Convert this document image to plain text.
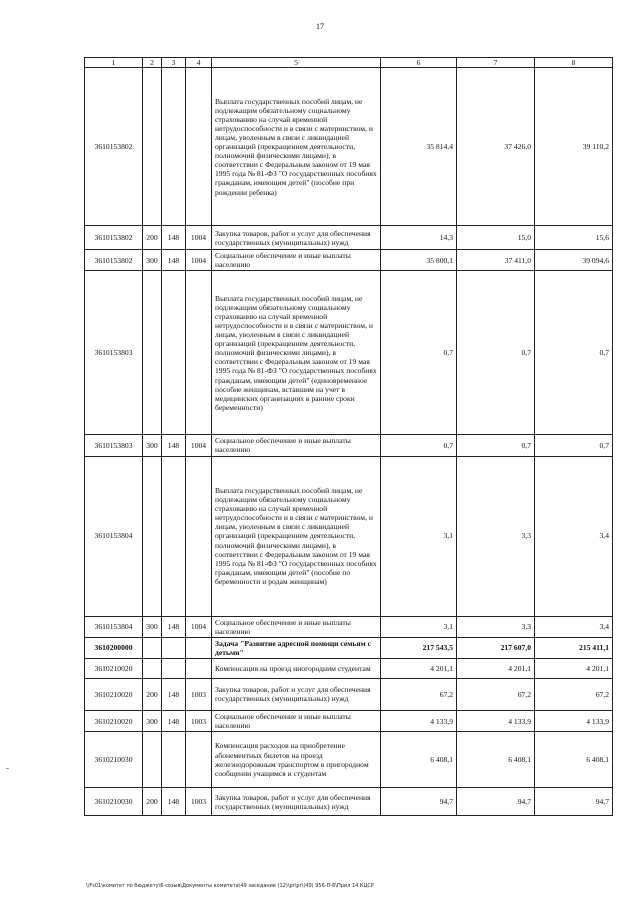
17
1	2	3	4	5	6	7	8
3610153802				Выплата государственных пособий лицам, не подлежащим обязательному социальному страхованию на случай временной нетрудоспособности и в связи с материнством, и лицам, уволенным в связи с ликвидацией организаций (прекращением деятельности, полномочий физическими лицами), в соответствии с Федеральным законом от 19 мая 1995 года № 81-ФЗ "О государственных пособиях гражданам, имеющим детей" (пособие при рождении ребенка)	35 814,4	37 426,0	39 110,2
3610153802	200	148	1004	Закупка товаров, работ и услуг для обеспечения государственных (муниципальных) нужд	14,3	15,0	15,6
3610153802	300	148	1004	Социальное обеспечение и иные выплаты населению	35 800,1	37 411,0	39 094,6
3610153803				Выплата государственных пособий лицам, не подлежащим обязательному социальному страхованию на случай временной нетрудоспособности и в связи с материнством, и лицам, уволенным в связи с ликвидацией организаций (прекращением деятельности, полномочий физическими лицами), в соответствии с Федеральным законом от 19 мая 1995 года № 81-ФЗ "О государственных пособиях гражданам, имеющим детей" (единовременное пособие женщинам, вставшим на учет в медицинских организациях в ранние сроки беременности)	0,7	0,7	0,7
3610153803	300	148	1004	Социальное обеспечение и иные выплаты населению	0,7	0,7	0,7
3610153804				Выплата государственных пособий лицам, не подлежащим обязательному социальному страхованию на случай временной нетрудоспособности и в связи с материнством, и лицам, уволенным в связи с ликвидацией организаций (прекращением деятельности, полномочий физическими лицами), в соответствии с Федеральным законом от 19 мая 1995 года № 81-ФЗ "О государственных пособиях гражданам, имеющим детей" (пособие по беременности и родам женщинам)	3,1	3,3	3,4
3610153804	300	148	1004	Социальное обеспечение и иные выплаты населению	3,1	3,3	3,4
3610200000				Задача "Развитие адресной помощи семьям с детьми"	217 543,5	217 607,0	215 411,1
3610210020				Компенсация на проезд иногородним студентам	4 201,1	4 201,1	4 201,1
3610210020	200	148	1003	Закупка товаров, работ и услуг для обеспечения государственных (муниципальных) нужд	67,2	67,2	67,2
3610210020	300	148	1003	Социальное обеспечение и иные выплаты населению	4 133,9	4 133,9	4 133,9
3610210030				Компенсация расходов на приобретение абонементных билетов на проезд железнодорожным транспортом в пригородном сообщении учащимся и студентам	6 408,1	6 408,1	6 408,1
3610210030	200	148	1003	Закупка товаров, работ и услуг для обеспечения государственных (муниципальных) нужд	94,7	94,7	94,7
\\Fs01\комитет по бюджету\6 созыв\Документы комитета\49 заседание (12)\pr\pr\(49) 956-П-6\Прил 14 КЦСР
